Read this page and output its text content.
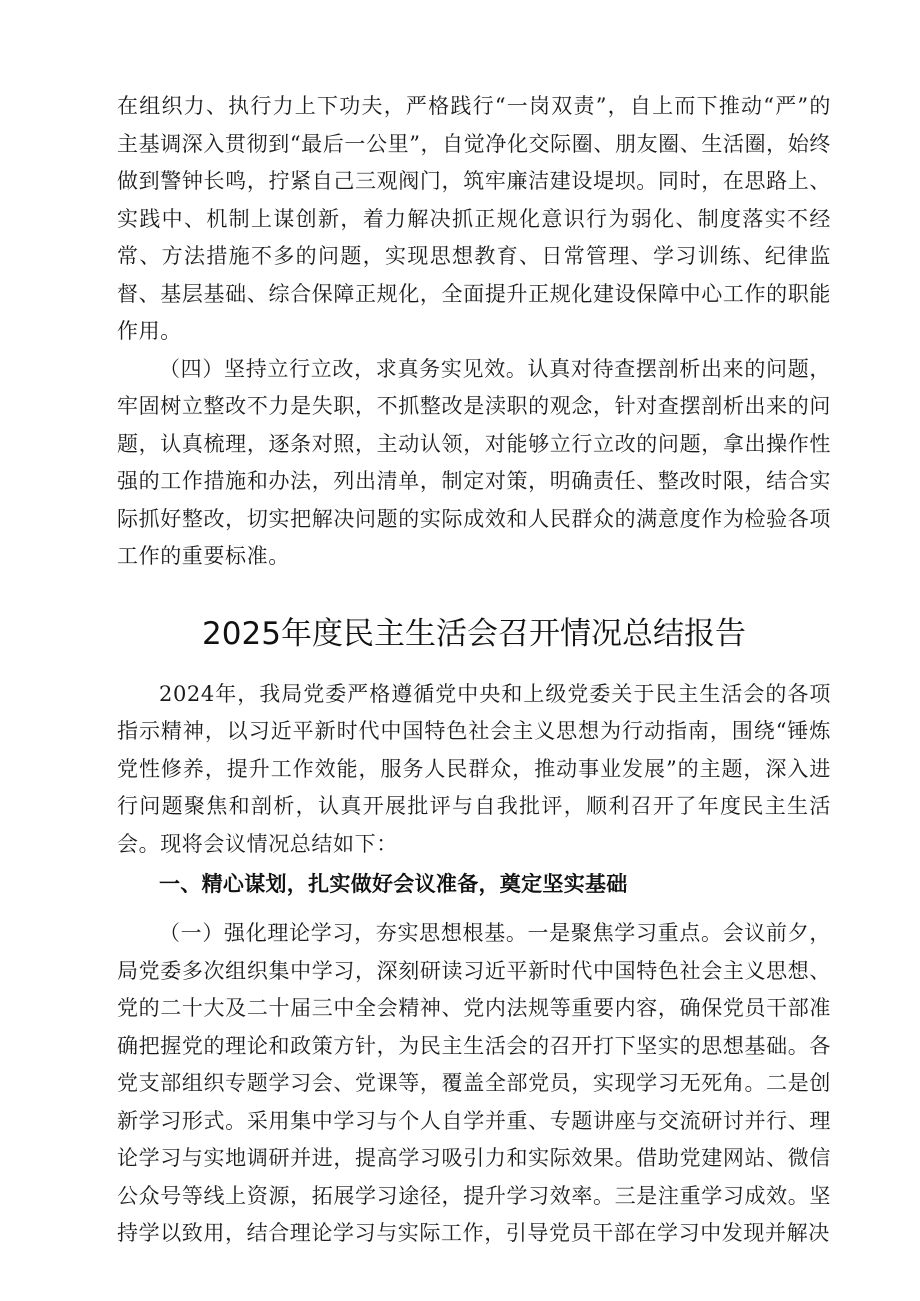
在组织力、执行力上下功夫，严格践行“一岗双责”，自上而下推动“严”的主基调深入贯彻到“最后一公里”，自觉净化交际圈、朋友圈、生活圈，始终做到警钟长鸣，拧紧自己三观阀门，筑牢廉洁建设堤坝。同时，在思路上、实践中、机制上谋创新，着力解决抓正规化意识行为弱化、制度落实不经常、方法措施不多的问题，实现思想教育、日常管理、学习训练、纪律监督、基层基础、综合保障正规化，全面提升正规化建设保障中心工作的职能作用。

（四）坚持立行立改，求真务实见效。认真对待查摆剖析出来的问题，牢固树立整改不力是失职，不抓整改是渎职的观念，针对查摆剖析出来的问题，认真梳理，逐条对照，主动认领，对能够立行立改的问题，拿出操作性强的工作措施和办法，列出清单，制定对策，明确责任、整改时限，结合实际抓好整改，切实把解决问题的实际成效和人民群众的满意度作为检验各项工作的重要标准。

2025年度民主生活会召开情况总结报告

2024年，我局党委严格遵循党中央和上级党委关于民主生活会的各项指示精神，以习近平新时代中国特色社会主义思想为行动指南，围绕“锤炼党性修养，提升工作效能，服务人民群众，推动事业发展”的主题，深入进行问题聚焦和剖析，认真开展批评与自我批评，顺利召开了年度民主生活会。现将会议情况总结如下：

一、精心谋划，扎实做好会议准备，奠定坚实基础

（一）强化理论学习，夯实思想根基。一是聚焦学习重点。会议前夕，局党委多次组织集中学习，深刻研读习近平新时代中国特色社会主义思想、党的二十大及二十届三中全会精神、党内法规等重要内容，确保党员干部准确把握党的理论和政策方针，为民主生活会的召开打下坚实的思想基础。各党支部组织专题学习会、党课等，覆盖全部党员，实现学习无死角。二是创新学习形式。采用集中学习与个人自学并重、专题讲座与交流研讨并行、理论学习与实地调研并进，提高学习吸引力和实际效果。借助党建网站、微信公众号等线上资源，拓展学习途径，提升学习效率。三是注重学习成效。坚持学以致用，结合理论学习与实际工作，引导党员干部在学习中发现并解决
